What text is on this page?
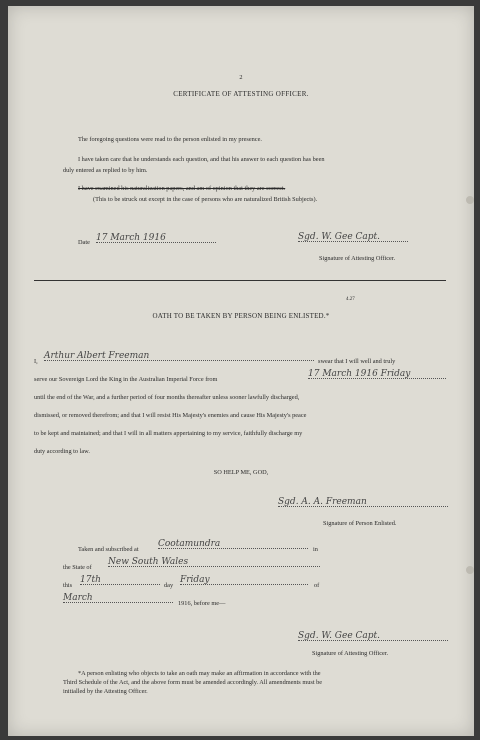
2
CERTIFICATE OF ATTESTING OFFICER.
The foregoing questions were read to the person enlisted in my presence.
I have taken care that he understands each question, and that his answer to each question has been
duly entered as replied to by him.
I have examined his naturalization papers, and am of opinion that they are correct.
(This to be struck out except in the case of persons who are naturalized British Subjects).
Date 17 March 1916	Sgd. W. Gee Capt.
Signature of Attesting Officer.
4.27
OATH TO BE TAKEN BY PERSON BEING ENLISTED.*
I,
Arthur Albert Freeman
swear that I will well and truly
serve our Sovereign Lord the King in the Australian Imperial Force from
17 March 1916 Friday
until the end of the War, and a further period of four months thereafter unless sooner lawfully discharged,
dismissed, or removed therefrom; and that I will resist His Majesty's enemies and cause His Majesty's peace
to be kept and maintained; and that I will in all matters appertaining to my service, faithfully discharge my
duty according to law.
SO HELP ME, GOD,
Sgd. A. A. Freeman
Signature of Person Enlisted.
Taken and subscribed at
Cootamundra
in
the State of
New South Wales
this
17th
day
Friday
of
March
1916, before me—
Sgd. W. Gee Capt.
Signature of Attesting Officer.
*A person enlisting who objects to take an oath may make an affirmation in accordance with the
Third Schedule of the Act, and the above form must be amended accordingly. All amendments must be
initialled by the Attesting Officer.
